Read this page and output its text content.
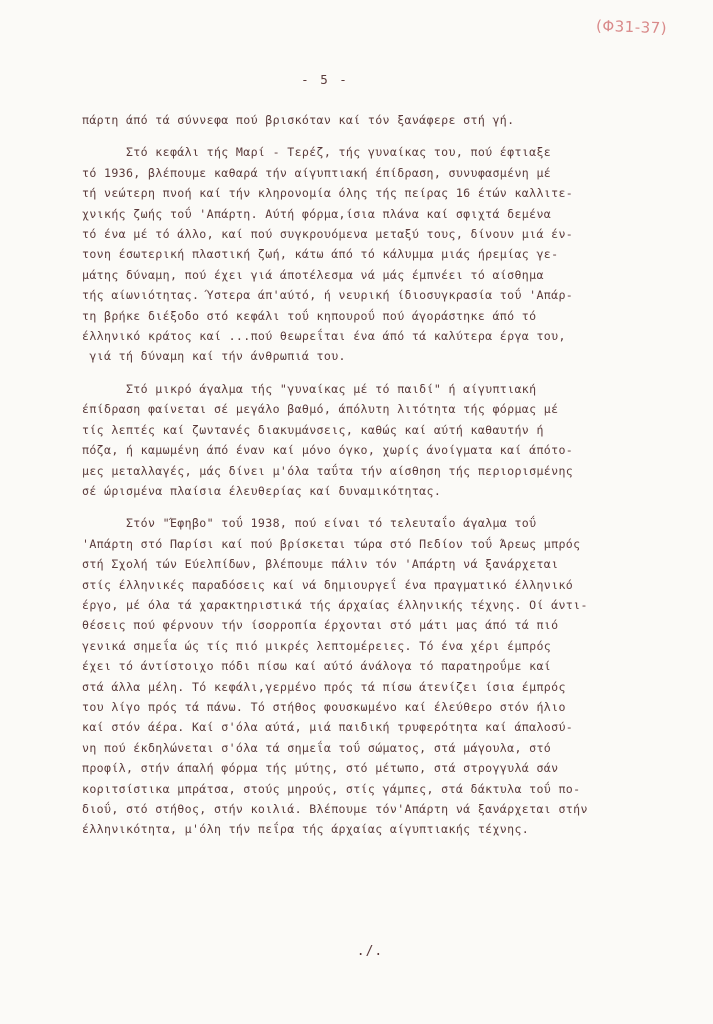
(Φ31-37)
- 5 -
πάρτη άπό τά σύννεφα πού βρισκόταν καί τόν ξανάφερε στή γή.
Στό κεφάλι τής Μαρί - Τερέζ, τής γυναίκας του, πού έφτιαξε
τό 1936, βλέπουμε καθαρά τήν αίγυπτιακή έπίδραση, συνυφασμένη μέ
τή νεώτερη πνοή καί τήν κληρονομία όλης τής πείρας 16 έτών καλλιτε-
χνικής ζωής τοΰ 'Απάρτη. Αύτή φόρμα,ίσια πλάνα καί σφιχτά δεμένα
τό ένα μέ τό άλλο, καί πού συγκρουόμενα μεταξύ τους, δίνουν μιά έν-
τονη έσωτερική πλαστική ζωή, κάτω άπό τό κάλυμμα μιάς ήρεμίας γε-
μάτης δύναμη, πού έχει γιά άποτέλεσμα νά μάς έμπνέει τό αίσθημα
τής αίωνιότητας. Ύστερα άπ'αύτό, ή νευρική ίδιοσυγκρασία τοΰ 'Απάρ-
τη βρήκε διέξοδο στό κεφάλι τοΰ κηπουροΰ πού άγοράστηκε άπό τό
έλληνικό κράτος καί ...πού θεωρεΐται ένα άπό τά καλύτερα έργα του,
γιά τή δύναμη καί τήν άνθρωπιά του.
Στό μικρό άγαλμα τής "γυναίκας μέ τό παιδί" ή αίγυπτιακή
έπίδραση φαίνεται σέ μεγάλο βαθμό, άπόλυτη λιτότητα τής φόρμας μέ
τίς λεπτές καί ζωντανές διακυμάνσεις, καθώς καί αύτή καθαυτήν ή
πόζα, ή καμωμένη άπό έναν καί μόνο όγκο, χωρίς άνοίγματα καί άπότο-
μες μεταλλαγές, μάς δίνει μ'όλα ταΰτα τήν αίσθηση τής περιορισμένης
σέ ώρισμένα πλαίσια έλευθερίας καί δυναμικότητας.
Στόν "Έφηβο" τοΰ 1938, πού είναι τό τελευταΐο άγαλμα τοΰ
'Απάρτη στό Παρίσι καί πού βρίσκεται τώρα στό Πεδίον τοΰ Άρεως μπρός
στή Σχολή τών Εύελπίδων, βλέπουμε πάλιν τόν 'Απάρτη νά ξανάρχεται
στίς έλληνικές παραδόσεις καί νά δημιουργεΐ ένα πραγματικό έλληνικό
έργο, μέ όλα τά χαρακτηριστικά τής άρχαίας έλληνικής τέχνης. Οί άντι-
θέσεις πού φέρνουν τήν ίσορροπία έρχονται στό μάτι μας άπό τά πιό
γενικά σημεΐα ώς τίς πιό μικρές λεπτομέρειες. Τό ένα χέρι έμπρός
έχει τό άντίστοιχο πόδι πίσω καί αύτό άνάλογα τό παρατηροΰμε καί
στά άλλα μέλη. Τό κεφάλι,γερμένο πρός τά πίσω άτενίζει ίσια έμπρός
του λίγο πρός τά πάνω. Τό στήθος φουσκωμένο καί έλεύθερο στόν ήλιο
καί στόν άέρα. Καί σ'όλα αύτά, μιά παιδική τρυφερότητα καί άπαλοσύ-
νη πού έκδηλώνεται σ'όλα τά σημεΐα τοΰ σώματος, στά μάγουλα, στό
προφίλ, στήν άπαλή φόρμα τής μύτης, στό μέτωπο, στά στρογγυλά σάν
κοριτσίστικα μπράτσα, στούς μηρούς, στίς γάμπες, στά δάκτυλα τοΰ πο-
διοΰ, στό στήθος, στήν κοιλιά. Βλέπουμε τόν'Απάρτη νά ξανάρχεται στήν
έλληνικότητα, μ'όλη τήν πεΐρα τής άρχαίας αίγυπτιακής τέχνης.
./.
